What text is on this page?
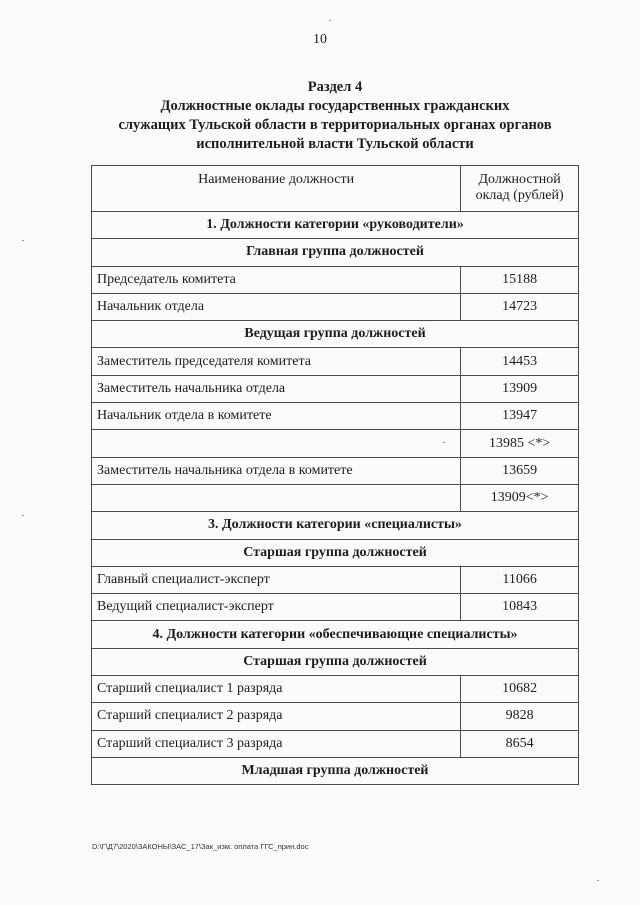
10
Раздел 4
Должностные оклады государственных гражданских
служащих Тульской области в территориальных органах органов
исполнительной власти Тульской области
Наименование должности	Должностной оклад (рублей)
1. Должности категории «руководители»	
Главная группа должностей	
Председатель комитета	15188
Начальник отдела	14723
Ведущая группа должностей	
Заместитель председателя комитета	14453
Заместитель начальника отдела	13909
Начальник отдела в комитете	13947
	13985 <*>
Заместитель начальника отдела в комитете	13659
	13909<*>
3. Должности категории «специалисты»	
Старшая группа должностей	
Главный специалист-эксперт	11066
Ведущий специалист-эксперт	10843
4. Должности категории «обеспечивающие специалисты»	
Старшая группа должностей	
Старший специалист 1 разряда	10682
Старший специалист 2 разряда	9828
Старший специалист 3 разряда	8654
Младшая группа должностей	
D:\Г\Д7\2020\ЗАКОНЫ\ЗАС_17\Зак_изм. оплата ГГС_прин.doc
